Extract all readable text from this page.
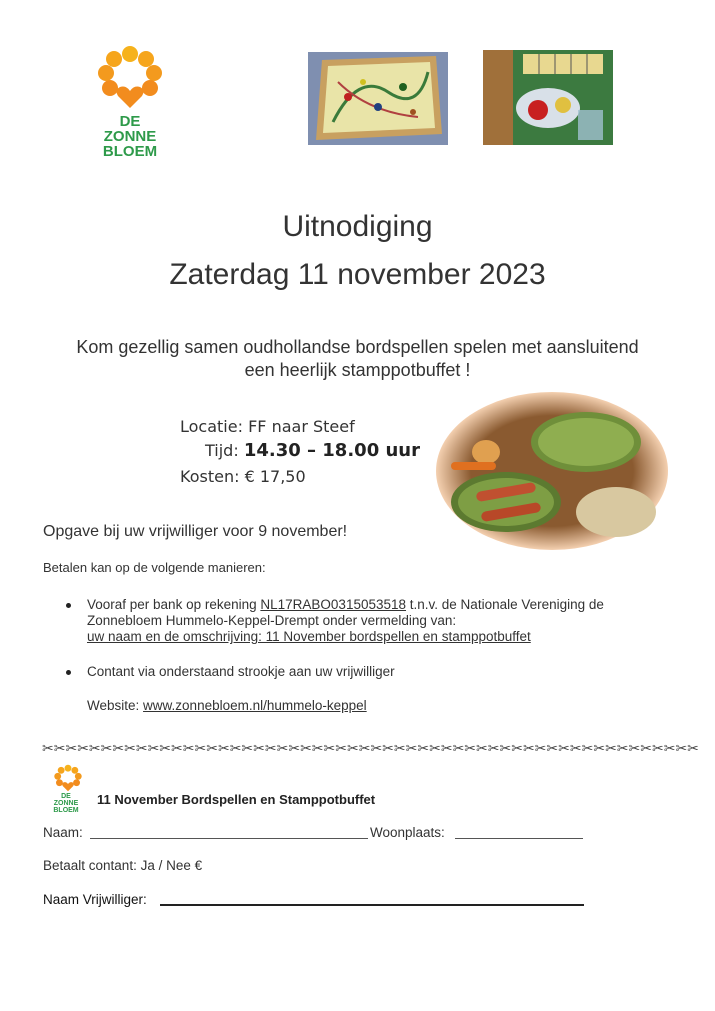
DE
ZONNE
BLOEM
Uitnodiging
Zaterdag 11 november 2023
Kom gezellig samen oudhollandse bordspellen spelen met aansluitend
een heerlijk stamppotbuffet !
Locatie: FF naar Steef
Tijd: 14.30 – 18.00 uur
Kosten: € 17,50
Opgave bij uw vrijwilliger voor 9 november!
Betalen kan op de volgende manieren:
Vooraf per bank op rekening NL17RABO0315053518 t.n.v. de Nationale Vereniging de
Zonnebloem Hummelo-Keppel-Drempt onder vermelding van:
uw naam en de omschrijving: 11 November bordspellen en stamppotbuffet
Contant via onderstaand strookje aan uw vrijwilliger
Website: www.zonnebloem.nl/hummelo-keppel
✂✂✂✂✂✂✂✂✂✂✂✂✂✂✂✂✂✂✂✂✂✂✂✂✂✂✂✂✂✂✂✂✂✂✂✂✂✂✂✂✂✂✂✂✂✂✂✂✂✂✂✂✂✂✂✂
DE
ZONNE
BLOEM
11 November Bordspellen en Stamppotbuffet
Naam:	Woonplaats:
Betaalt contant: Ja / Nee €
Naam Vrijwilliger:
